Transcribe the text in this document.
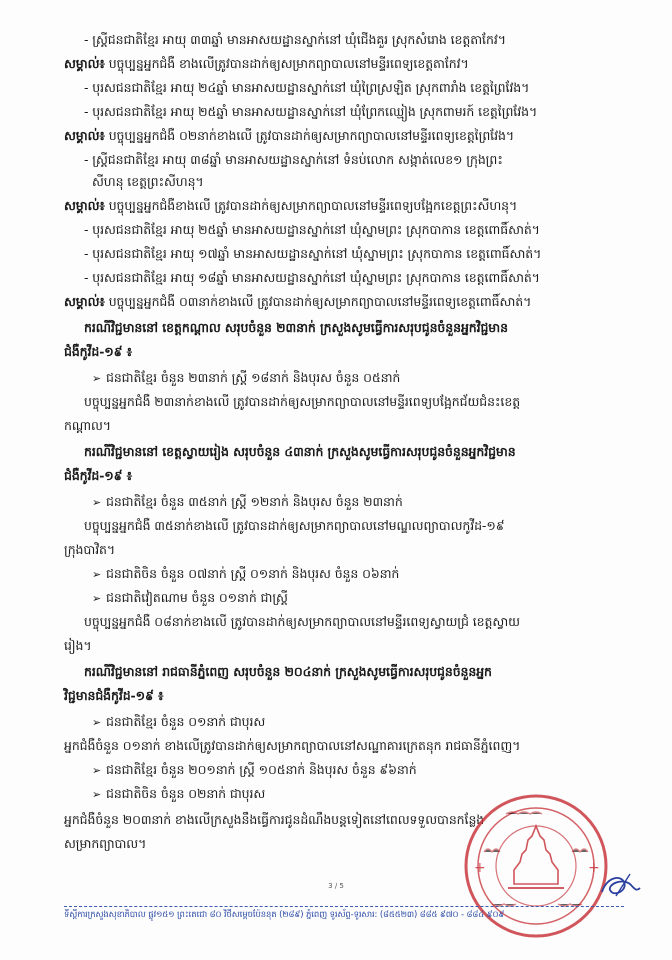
- ស្ត្រីជនជាតិខ្មែរ អាយុ ៣៣ឆ្នាំ មានអាសយដ្ឋានស្នាក់នៅ ឃុំជើងគួរ ស្រុកសំរោង ខេត្តតាកែវ។
សម្គាល់៖ បច្ចុប្បន្នអ្នកជំងឺ ខាងលើត្រូវបានដាក់ឲ្យសម្រាកព្យាបាលនៅមន្ទីរពេទ្យខេត្តតាកែវ។
- បុរសជនជាតិខ្មែរ អាយុ ២៤ឆ្នាំ មានអាសយដ្ឋានស្នាក់នៅ ឃុំព្រៃស្រឡិត ស្រុកពារាំង ខេត្តព្រៃវែង។
- បុរសជនជាតិខ្មែរ អាយុ ២៥ឆ្នាំ មានអាសយដ្ឋានស្នាក់នៅ ឃុំព្រែកឈ្មៀង ស្រុកពាមរក៍ ខេត្តព្រៃវែង។
សម្គាល់៖ បច្ចុប្បន្នអ្នកជំងឺ ០២នាក់ខាងលើ ត្រូវបានដាក់ឲ្យសម្រាកព្យាបាលនៅមន្ទីរពេទ្យខេត្តព្រៃវែង។
- ស្ត្រីជនជាតិខ្មែរ អាយុ ៣៨ឆ្នាំ មានអាសយដ្ឋានស្នាក់នៅ ទំនប់លោក សង្កាត់លេខ១ ក្រុងព្រះ
សីហនុ ខេត្តព្រះសីហនុ។
សម្គាល់៖ បច្ចុប្បន្នអ្នកជំងឺខាងលើ ត្រូវបានដាក់ឲ្យសម្រាកព្យាបាលនៅមន្ទីរពេទ្យបង្អែកខេត្តព្រះសីហនុ។
- បុរសជនជាតិខ្មែរ អាយុ ២៥ឆ្នាំ មានអាសយដ្ឋានស្នាក់នៅ ឃុំស្នាមព្រះ ស្រុកបាកាន ខេត្តពោធិ៍សាត់។
- បុរសជនជាតិខ្មែរ អាយុ ១៧ឆ្នាំ មានអាសយដ្ឋានស្នាក់នៅ ឃុំស្នាមព្រះ ស្រុកបាកាន ខេត្តពោធិ៍សាត់។
- បុរសជនជាតិខ្មែរ អាយុ ១៨ឆ្នាំ មានអាសយដ្ឋានស្នាក់នៅ ឃុំស្នាមព្រះ ស្រុកបាកាន ខេត្តពោធិ៍សាត់។
សម្គាល់៖ បច្ចុប្បន្នអ្នកជំងឺ ០៣នាក់ខាងលើ ត្រូវបានដាក់ឲ្យសម្រាកព្យាបាលនៅមន្ទីរពេទ្យខេត្តពោធិ៍សាត់។
ករណីវិជ្ជមាននៅ ខេត្តកណ្តាល សរុបចំនួន ២៣នាក់ ក្រសួងសូមធ្វើការសរុបជូនចំនួនអ្នកវិជ្ជមាន
ជំងឺកូវីដ-១៩ ៖
➢ ជនជាតិខ្មែរ ចំនួន ២៣នាក់ ស្ត្រី ១៨នាក់ និងបុរស ចំនួន ០៥នាក់
បច្ចុប្បន្នអ្នកជំងឺ ២៣នាក់ខាងលើ ត្រូវបានដាក់ឲ្យសម្រាកព្យាបាលនៅមន្ទីរពេទ្យបង្អែកជ័យជំនះខេត្ត
កណ្តាល។
ករណីវិជ្ជមាននៅ ខេត្តស្វាយរៀង សរុបចំនួន ៤៣នាក់ ក្រសួងសូមធ្វើការសរុបជូនចំនួនអ្នកវិជ្ជមាន
ជំងឺកូវីដ-១៩ ៖
➢ ជនជាតិខ្មែរ ចំនួន ៣៥នាក់ ស្ត្រី ១២នាក់ និងបុរស ចំនួន ២៣នាក់
បច្ចុប្បន្នអ្នកជំងឺ ៣៥នាក់ខាងលើ ត្រូវបានដាក់ឲ្យសម្រាកព្យាបាលនៅមណ្ឌលព្យាបាលកូវីដ-១៩
ក្រុងបាវិត។
➢ ជនជាតិចិន ចំនួន ០៧នាក់ ស្ត្រី ០១នាក់ និងបុរស ចំនួន ០៦នាក់
➢ ជនជាតិវៀតណាម ចំនួន ០១នាក់ ជាស្ត្រី
បច្ចុប្បន្នអ្នកជំងឺ ០៨នាក់ខាងលើ ត្រូវបានដាក់ឲ្យសម្រាកព្យាបាលនៅមន្ទីរពេទ្យស្វាយជ្រំ ខេត្តស្វាយ
រៀង។
ករណីវិជ្ជមាននៅ រាជធានីភ្នំពេញ សរុបចំនួន ២០៤នាក់ ក្រសួងសូមធ្វើការសរុបជូនចំនួនអ្នក
វិជ្ជមានជំងឺកូវីដ-១៩ ៖
➢ ជនជាតិខ្មែរ ចំនួន ០១នាក់ ជាបុរស
អ្នកជំងឺចំនួន ០១នាក់ ខាងលើត្រូវបានដាក់ឲ្យសម្រាកព្យាបាលនៅសណ្ឋាគារក្រេតនុក រាជធានីភ្នំពេញ។
➢ ជនជាតិខ្មែរ ចំនួន ២០១នាក់ ស្ត្រី ១០៥នាក់ និងបុរស ចំនួន ៩៦នាក់
➢ ជនជាតិចិន ចំនួន ០២នាក់ ជាបុរស
អ្នកជំងឺចំនួន ២០៣នាក់ ខាងលើក្រសួងនឹងធ្វើការជូនដំណឹងបន្តទៀតនៅពេលទទួលបានកន្លែង
សម្រាកព្យាបាល។
+	+
3 / 5
ទីស្ដីការក្រសួងសុខាភិបាល ផ្លូវ១៥១ ព្រះតេជោ ៨០ វិថីសម្តេចប៉ែននុត (២៨៩) ភ្នំពេញ ទូរស័ព្ទ-ទូរសារ: (៨៥៥២៣) ៨៨៥ ៩៧០ - ៨៨៤ ៩០៩
